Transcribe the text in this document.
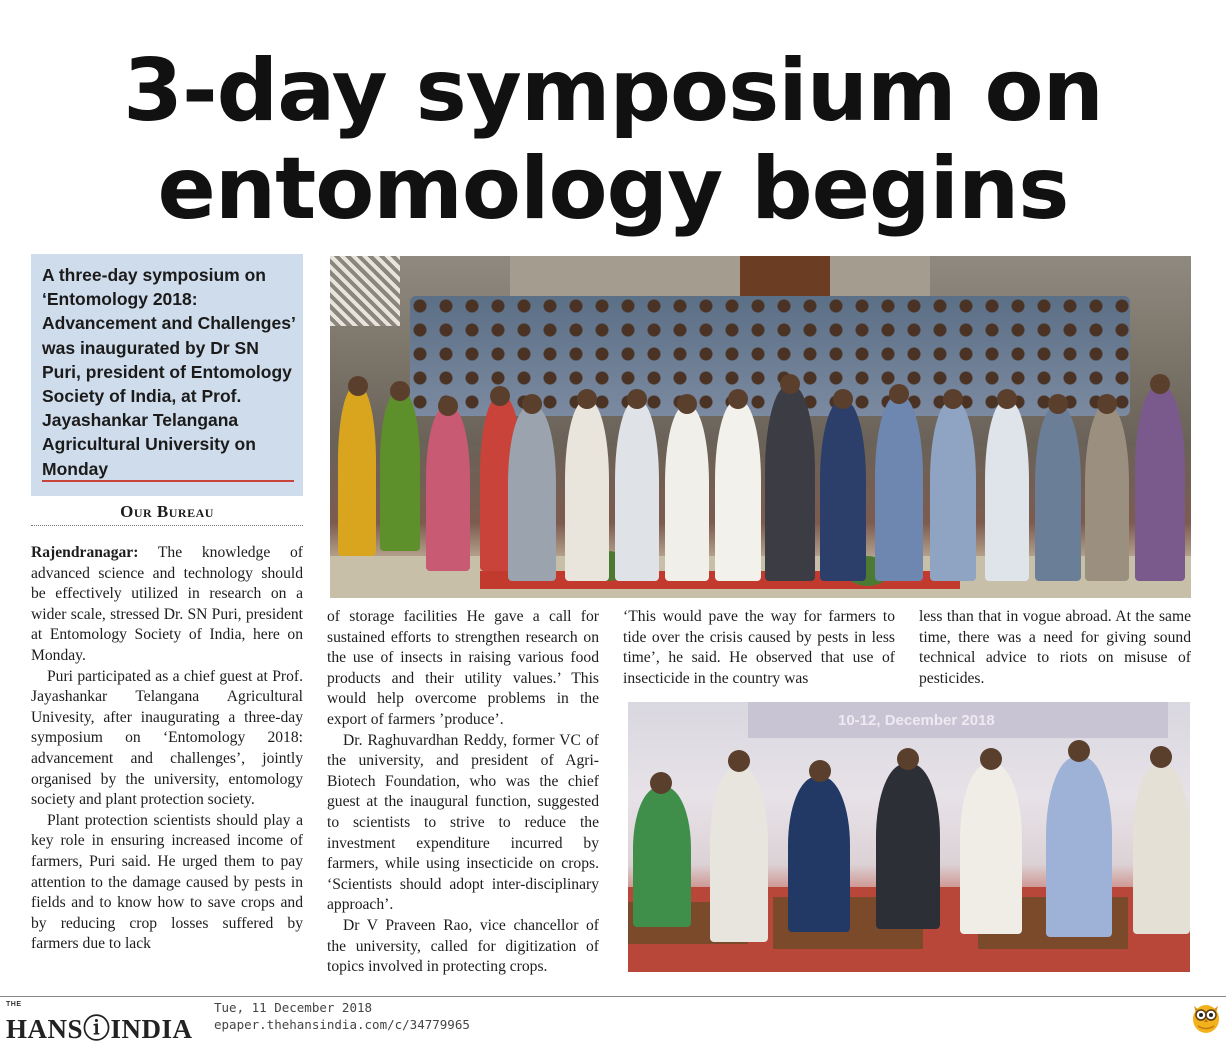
3-day symposium on
entomology begins
A three-day symposium on ‘Entomology 2018: Advancement and Challenges’ was inaugurated by Dr SN Puri, president of Entomology Society of India, at Prof. Jayashankar Telangana Agricultural University on Monday
Our Bureau

Rajendranagar: The knowledge of advanced science and technology should be effectively utilized in research on a wider scale, stressed Dr. SN Puri, president at Entomology Society of India, here on Monday.

Puri participated as a chief guest at Prof. Jayashankar Telangana Agricultural Univesity, after inaugurating a three-day symposium on ‘Entomology 2018: advancement and challenges’, jointly organised by the university, entomology society and plant protection society.

Plant protection scientists should play a key role in ensuring increased income of farmers, Puri said. He urged them to pay attention to the damage caused by pests in fields and to know how to save crops and by reducing crop losses suffered by farmers due to lack

of storage facilities He gave a call for sustained efforts to strengthen research on the use of insects in raising various food products and their utility values.’ This would help overcome problems in the export of farmers ’produce’.

Dr. Raghuvardhan Reddy, former VC of the university, and president of Agri-Biotech Foundation, who was the chief guest at the inaugural function, suggested to scientists to strive to reduce the investment expenditure incurred by farmers, while using insecticide on crops. ‘Scientists should adopt inter-disciplinary approach’.

Dr V Praveen Rao, vice chancellor of the university, called for digitization of topics involved in protecting crops.

‘This would pave the way for farmers to tide over the crisis caused by pests in less time’, he said. He observed that use of insecticide in the country was

less than that in vogue abroad. At the same time, there was a need for giving sound technical advice to riots on misuse of pesticides.

10-12, December 2018
THE
HANSⓘINDIA
Tue, 11 December 2018
epaper.thehansindia.com/c/34779965
